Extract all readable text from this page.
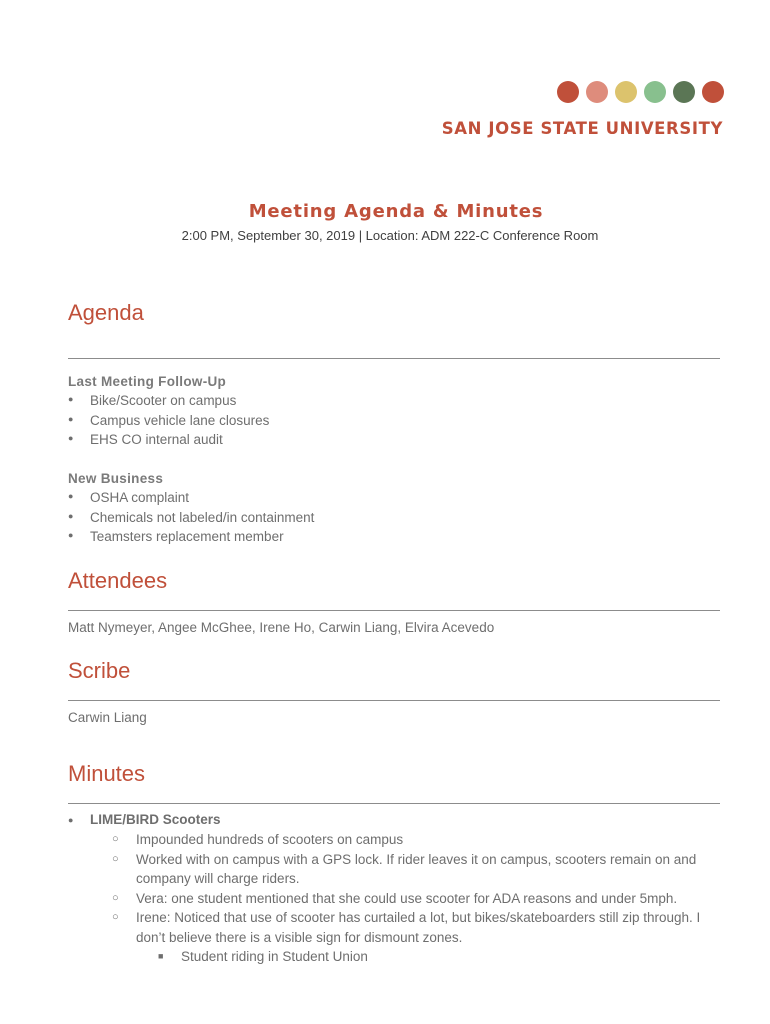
SAN JOSE STATE UNIVERSITY
Meeting Agenda & Minutes
2:00 PM, September 30, 2019 | Location: ADM 222-C Conference Room
Agenda
Last Meeting Follow-Up
● Bike/Scooter on campus
● Campus vehicle lane closures
● EHS CO internal audit
New Business
● OSHA complaint
● Chemicals not labeled/in containment
● Teamsters replacement member
Attendees
Matt Nymeyer, Angee McGhee, Irene Ho, Carwin Liang, Elvira Acevedo
Scribe
Carwin Liang
Minutes
● LIME/BIRD Scooters
○ Impounded hundreds of scooters on campus
○ Worked with on campus with a GPS lock. If rider leaves it on campus, scooters remain on and company will charge riders.
○ Vera: one student mentioned that she could use scooter for ADA reasons and under 5mph.
○ Irene: Noticed that use of scooter has curtailed a lot, but bikes/skateboarders still zip through. I don’t believe there is a visible sign for dismount zones.
■ Student riding in Student Union
